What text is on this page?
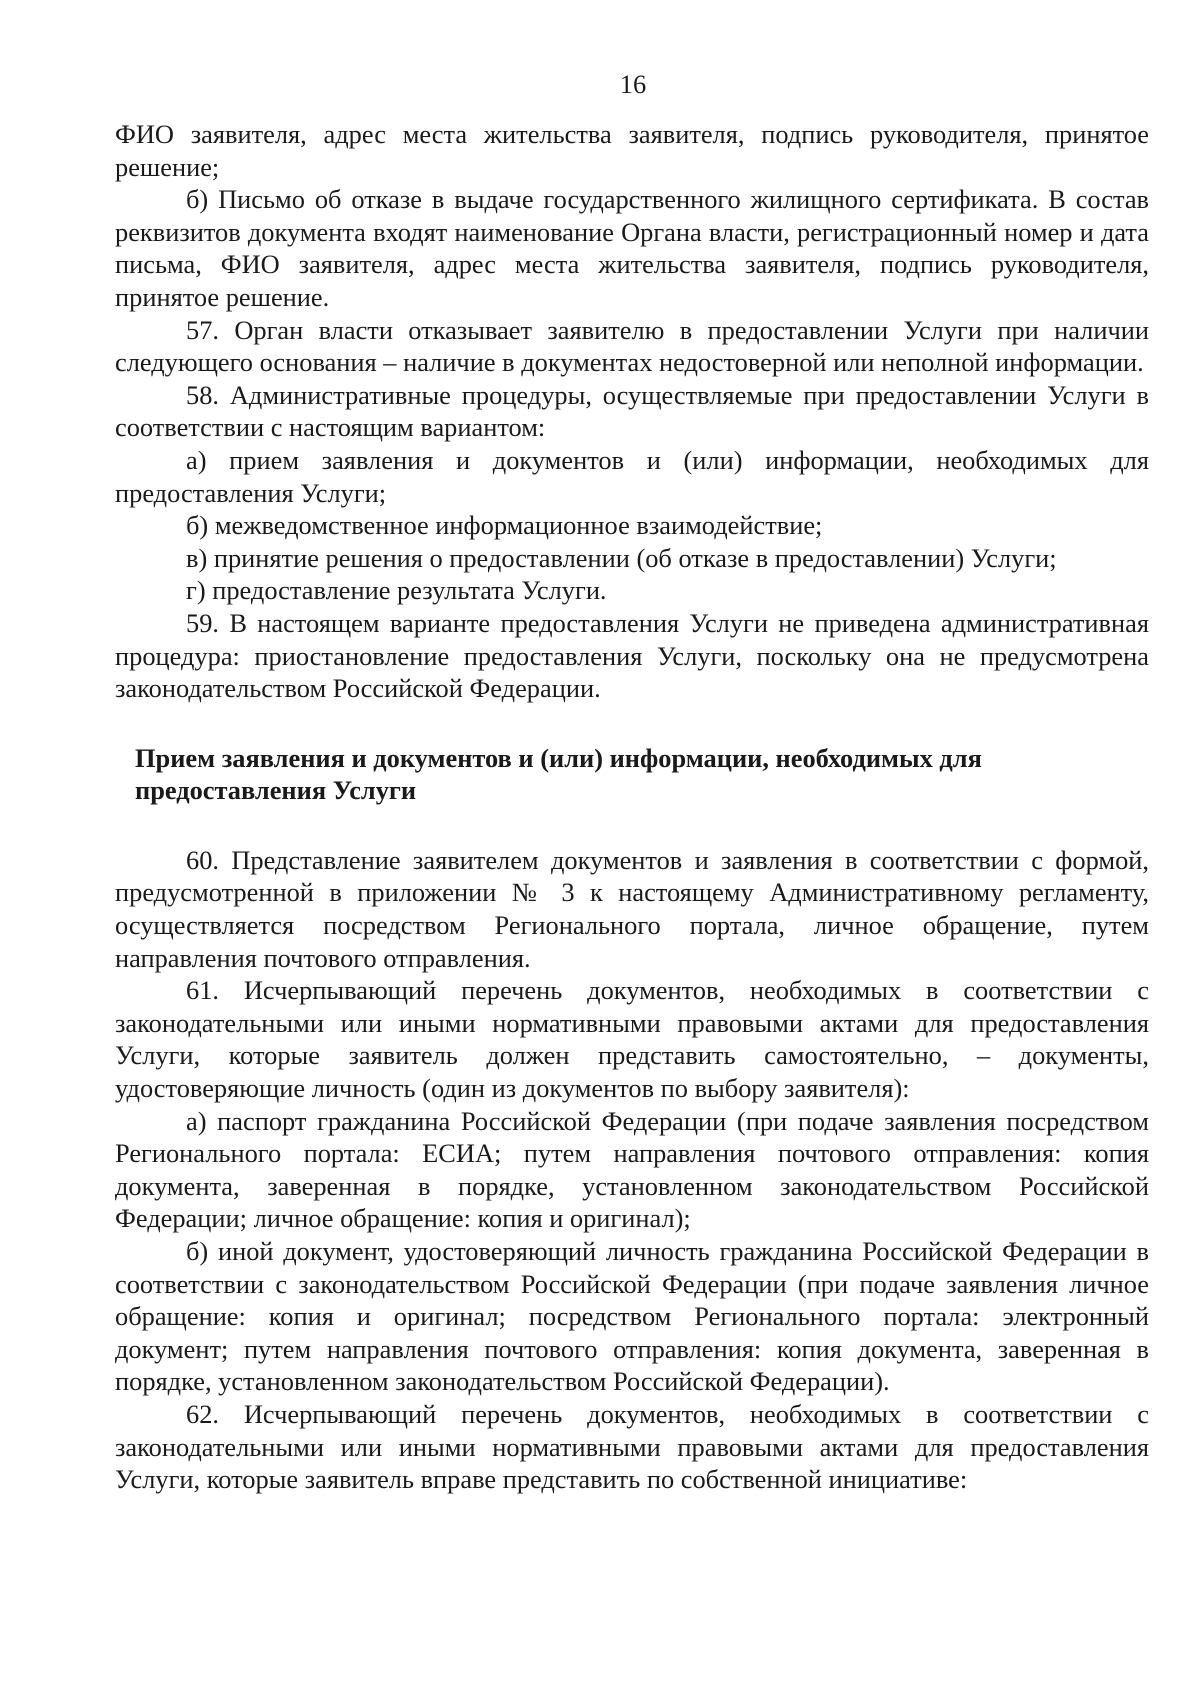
16

ФИО заявителя, адрес места жительства заявителя, подпись руководителя, принятое решение;

б) Письмо об отказе в выдаче государственного жилищного сертификата. В состав реквизитов документа входят наименование Органа власти, регистрационный номер и дата письма, ФИО заявителя, адрес места жительства заявителя, подпись руководителя, принятое решение.

57. Орган власти отказывает заявителю в предоставлении Услуги при наличии следующего основания – наличие в документах недостоверной или неполной информации.

58. Административные процедуры, осуществляемые при предоставлении Услуги в соответствии с настоящим вариантом:

а) прием заявления и документов и (или) информации, необходимых для предоставления Услуги;

б) межведомственное информационное взаимодействие;

в) принятие решения о предоставлении (об отказе в предоставлении) Услуги;

г) предоставление результата Услуги.

59. В настоящем варианте предоставления Услуги не приведена административная процедура: приостановление предоставления Услуги, поскольку она не предусмотрена законодательством Российской Федерации.

Прием заявления и документов и (или) информации, необходимых для

предоставления Услуги

60. Представление заявителем документов и заявления в соответствии с формой, предусмотренной в приложении № 3 к настоящему Административному регламенту, осуществляется посредством Регионального портала, личное обращение, путем направления почтового отправления.

61. Исчерпывающий перечень документов, необходимых в соответствии с законодательными или иными нормативными правовыми актами для предоставления Услуги, которые заявитель должен представить самостоятельно, – документы, удостоверяющие личность (один из документов по выбору заявителя):

а) паспорт гражданина Российской Федерации (при подаче заявления посредством Регионального портала: ЕСИА; путем направления почтового отправления: копия документа, заверенная в порядке, установленном законодательством Российской Федерации; личное обращение: копия и оригинал);

б) иной документ, удостоверяющий личность гражданина Российской Федерации в соответствии с законодательством Российской Федерации (при подаче заявления личное обращение: копия и оригинал; посредством Регионального портала: электронный документ; путем направления почтового отправления: копия документа, заверенная в порядке, установленном законодательством Российской Федерации).

62. Исчерпывающий перечень документов, необходимых в соответствии с законодательными или иными нормативными правовыми актами для предоставления Услуги, которые заявитель вправе представить по собственной инициативе:
